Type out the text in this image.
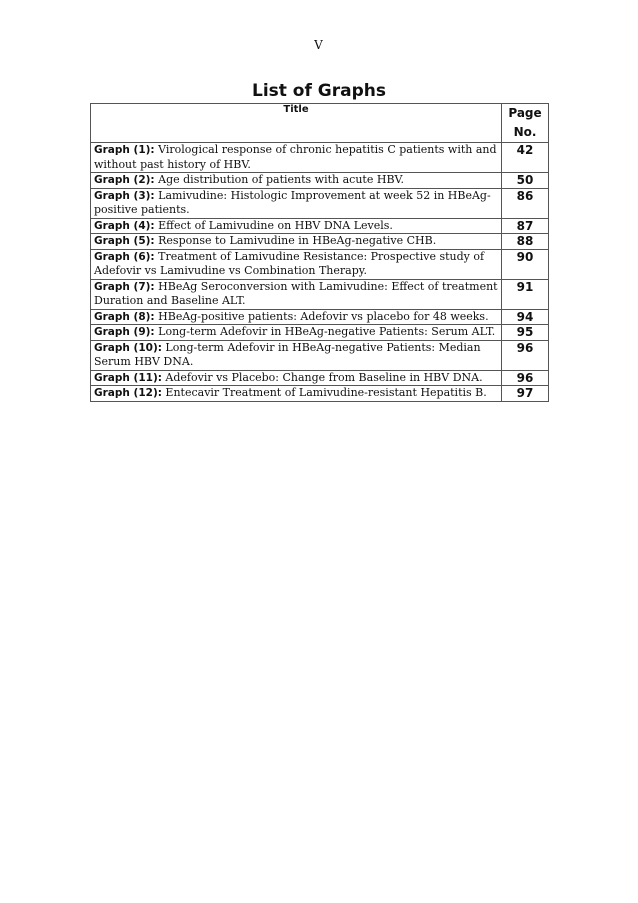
V
List of Graphs
Title	Page
No.
Graph (1): Virological response of chronic hepatitis C patients with and without past history of HBV.	42
Graph (2): Age distribution of patients with acute HBV.	50
Graph (3): Lamivudine: Histologic Improvement at week 52 in HBeAg-positive patients.	86
Graph (4): Effect of Lamivudine on HBV DNA Levels.	87
Graph (5): Response to Lamivudine in HBeAg-negative CHB.	88
Graph (6): Treatment of Lamivudine Resistance: Prospective study of Adefovir vs Lamivudine vs Combination Therapy.	90
Graph (7): HBeAg Seroconversion with Lamivudine: Effect of treatment Duration and Baseline ALT.	91
Graph (8): HBeAg-positive patients: Adefovir vs placebo for 48 weeks.	94
Graph (9): Long-term Adefovir in HBeAg-negative Patients: Serum ALT.	95
Graph (10): Long-term Adefovir in HBeAg-negative Patients: Median Serum HBV DNA.	96
Graph (11): Adefovir vs Placebo: Change from Baseline in HBV DNA.	96
Graph (12): Entecavir Treatment of Lamivudine-resistant Hepatitis B.	97
